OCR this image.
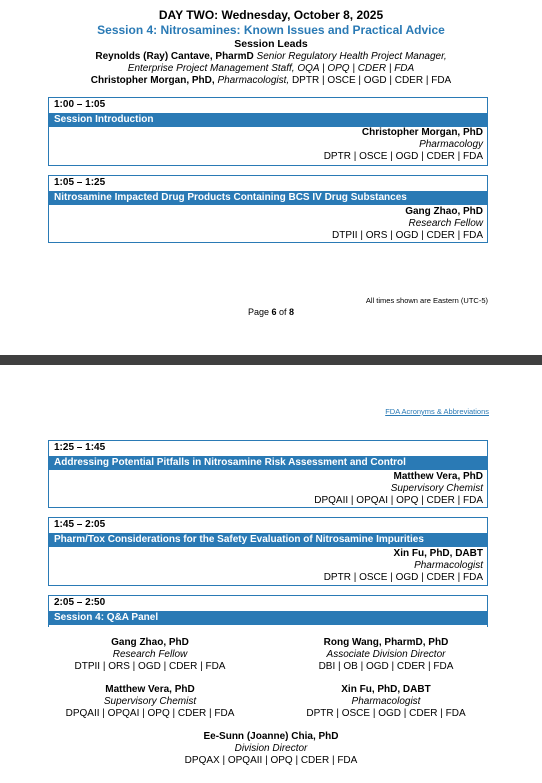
DAY TWO: Wednesday, October 8, 2025
Session 4: Nitrosamines: Known Issues and Practical Advice
Session Leads
Reynolds (Ray) Cantave, PharmD Senior Regulatory Health Project Manager,
Enterprise Project Management Staff, OQA | OPQ | CDER | FDA
Christopher Morgan, PhD, Pharmacologist, DPTR | OSCE | OGD | CDER | FDA
1:00 – 1:05
Session Introduction
Christopher Morgan, PhD
Pharmacology
DPTR | OSCE | OGD | CDER | FDA
1:05 – 1:25
Nitrosamine Impacted Drug Products Containing BCS IV Drug Substances
Gang Zhao, PhD
Research Fellow
DTPII | ORS | OGD | CDER | FDA
All times shown are Eastern (UTC-5)
Page 6 of 8
FDA Acronyms & Abbreviations
1:25 – 1:45
Addressing Potential Pitfalls in Nitrosamine Risk Assessment and Control
Matthew Vera, PhD
Supervisory Chemist
DPQAII | OPQAI | OPQ | CDER | FDA
1:45 – 2:05
Pharm/Tox Considerations for the Safety Evaluation of Nitrosamine Impurities
Xin Fu, PhD, DABT
Pharmacologist
DPTR | OSCE | OGD | CDER | FDA
2:05 – 2:50
Session 4: Q&A Panel
Gang Zhao, PhD
Research Fellow
DTPII | ORS | OGD | CDER | FDA
Rong Wang, PharmD, PhD
Associate Division Director
DBI | OB | OGD | CDER | FDA
Matthew Vera, PhD
Supervisory Chemist
DPQAII | OPQAI | OPQ | CDER | FDA
Xin Fu, PhD, DABT
Pharmacologist
DPTR | OSCE | OGD | CDER | FDA
Ee-Sunn (Joanne) Chia, PhD
Division Director
DPQAX | OPQAII | OPQ | CDER | FDA
